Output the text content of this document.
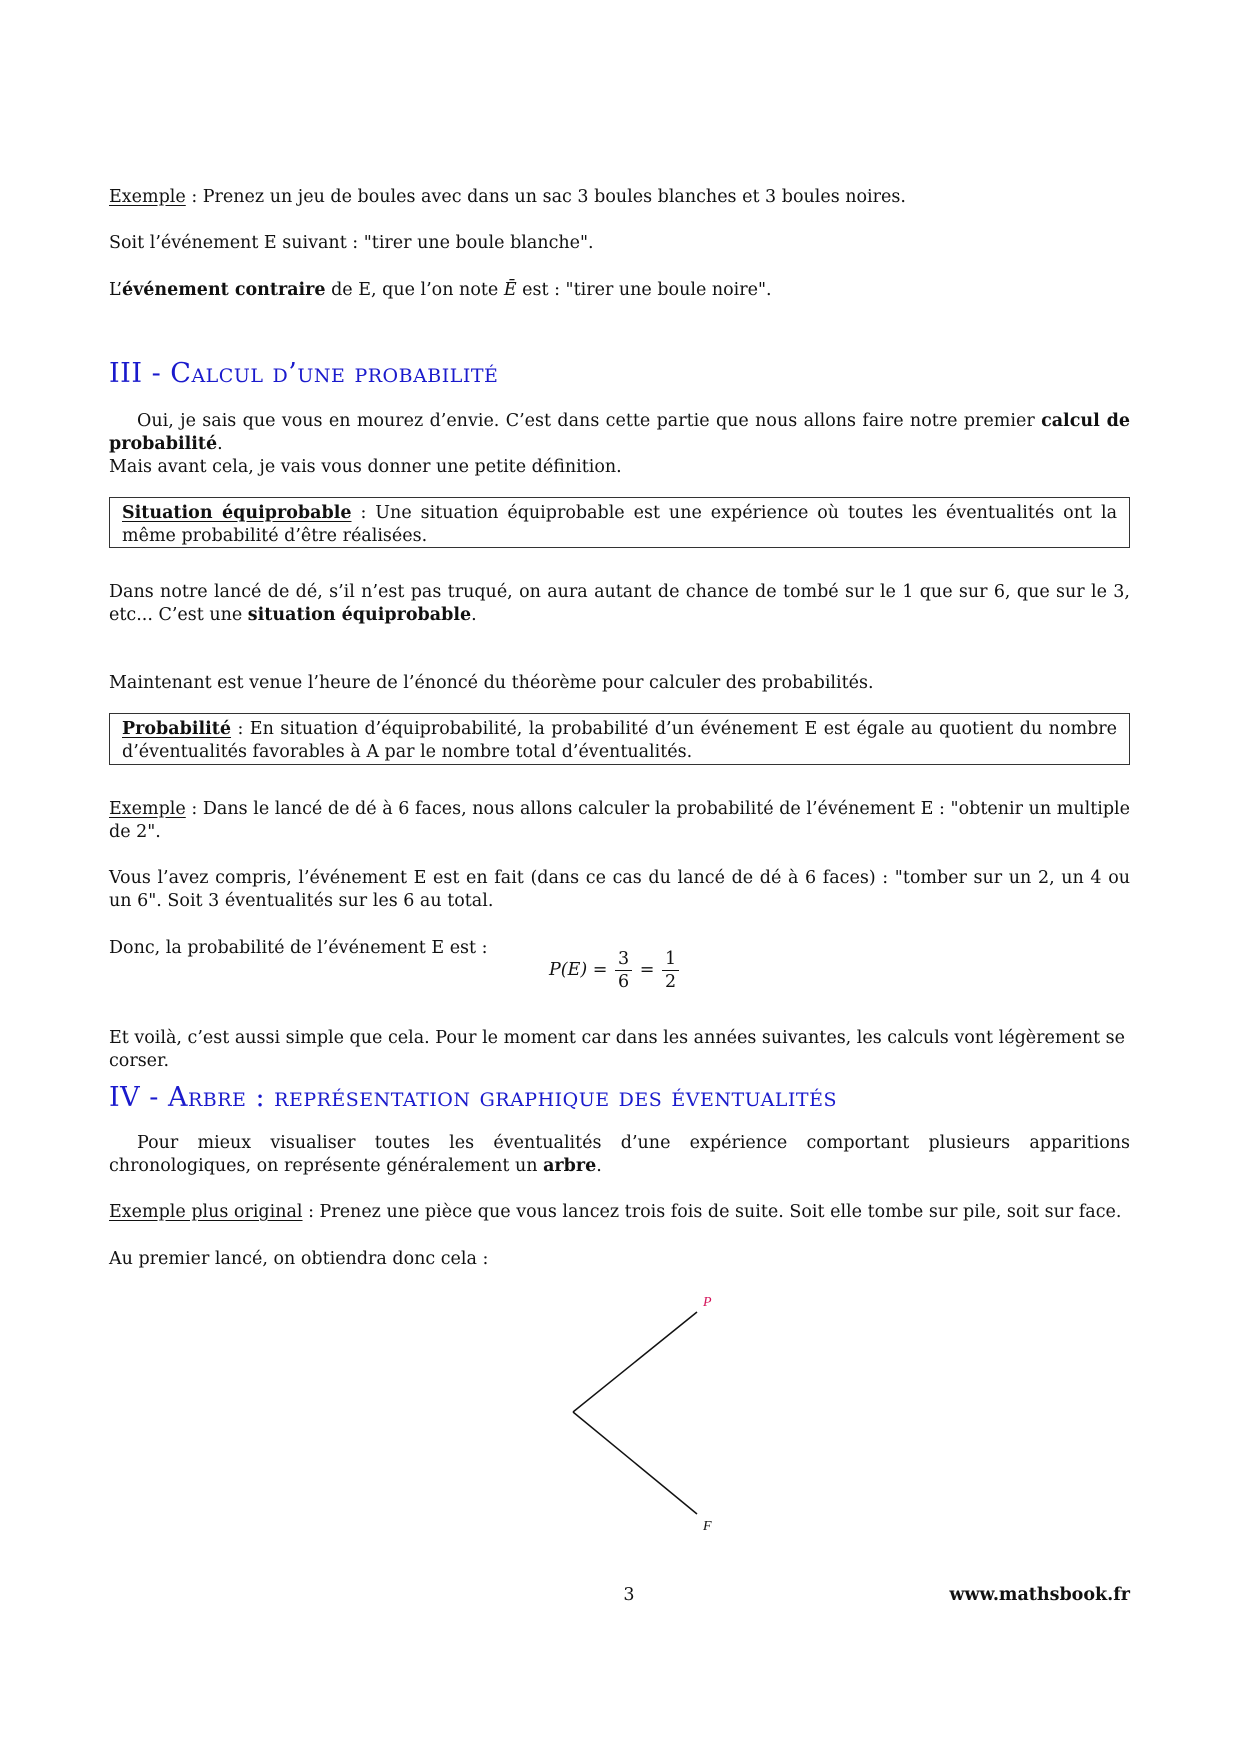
Exemple : Prenez un jeu de boules avec dans un sac 3 boules blanches et 3 boules noires.

Soit l’événement E suivant : "tirer une boule blanche".

L’événement contraire de E, que l’on note Ē est : "tirer une boule noire".

III - Calcul d’une probabilité

Oui, je sais que vous en mourez d’envie. C’est dans cette partie que nous allons faire notre premier calcul de probabilité.

Mais avant cela, je vais vous donner une petite définition.

Situation équiprobable : Une situation équiprobable est une expérience où toutes les éventualités ont la même probabilité d’être réalisées.

Dans notre lancé de dé, s’il n’est pas truqué, on aura autant de chance de tombé sur le 1 que sur 6, que sur le 3, etc... C’est une situation équiprobable.

Maintenant est venue l’heure de l’énoncé du théorème pour calculer des probabilités.

Probabilité : En situation d’équiprobabilité, la probabilité d’un événement E est égale au quotient du nombre d’éventualités favorables à A par le nombre total d’éventualités.

Exemple : Dans le lancé de dé à 6 faces, nous allons calculer la probabilité de l’événement E : "obtenir un multiple de 2".

Vous l’avez compris, l’événement E est en fait (dans ce cas du lancé de dé à 6 faces) : "tomber sur un 2, un 4 ou un 6". Soit 3 éventualités sur les 6 au total.

Donc, la probabilité de l’événement E est :

$P(E) = \frac{3}{6} = \frac{1}{2}$

Et voilà, c’est aussi simple que cela. Pour le moment car dans les années suivantes, les calculs vont légèrement se corser.

IV - Arbre : représentation graphique des éventualités

Pour mieux visualiser toutes les éventualités d’une expérience comportant plusieurs apparitions chronologiques, on représente généralement un arbre.

Exemple plus original : Prenez une pièce que vous lancez trois fois de suite. Soit elle tombe sur pile, soit sur face.

Au premier lancé, on obtiendra donc cela :

P
F
3	www.mathsbook.fr
